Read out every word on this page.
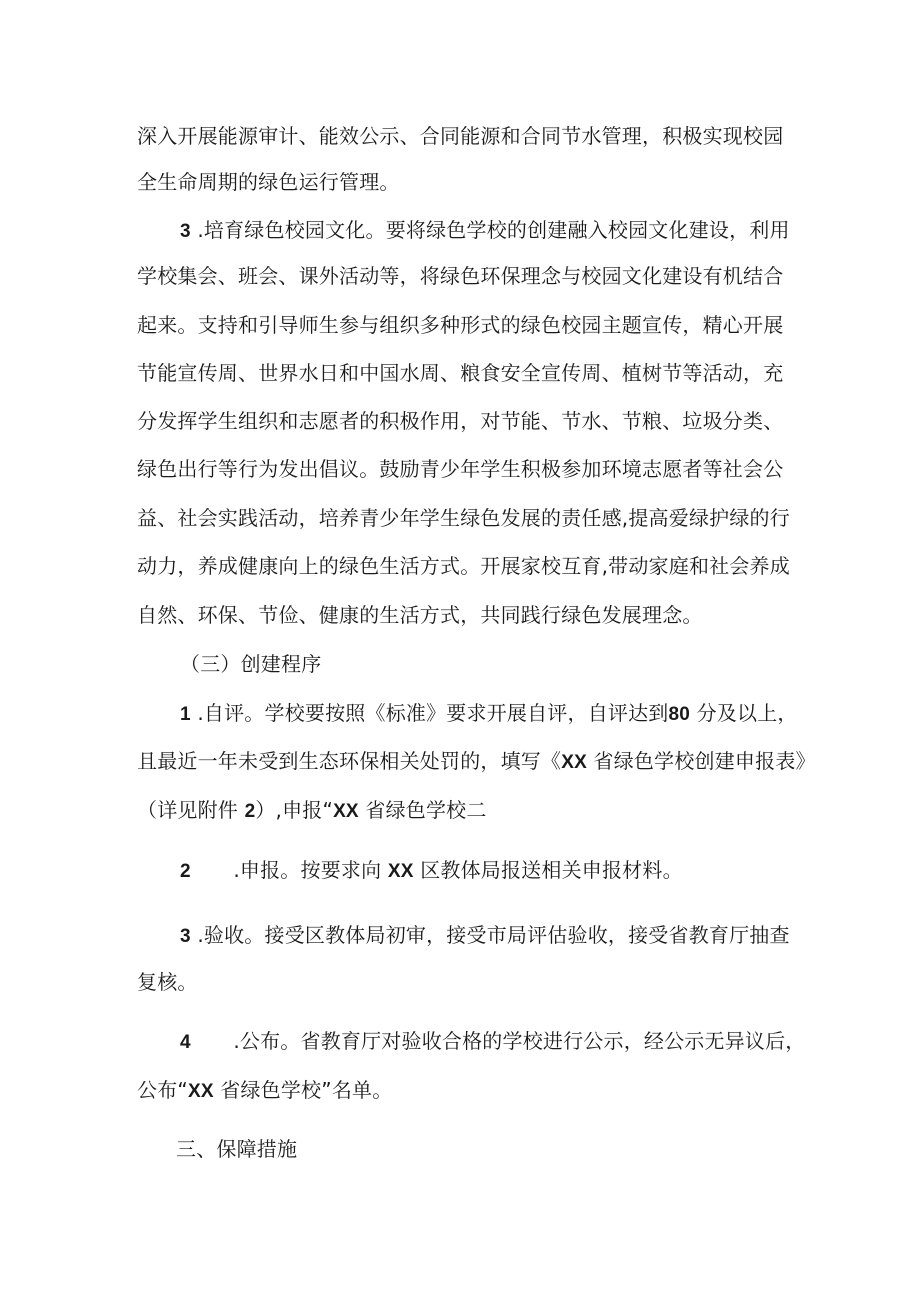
深入开展能源审计、能效公示、合同能源和合同节水管理，积极实现校园
全生命周期的绿色运行管理。
3 .培育绿色校园文化。要将绿色学校的创建融入校园文化建设，利用
学校集会、班会、课外活动等，将绿色环保理念与校园文化建设有机结合
起来。支持和引导师生参与组织多种形式的绿色校园主题宣传，精心开展
节能宣传周、世界水日和中国水周、粮食安全宣传周、植树节等活动，充
分发挥学生组织和志愿者的积极作用，对节能、节水、节粮、垃圾分类、
绿色出行等行为发出倡议。鼓励青少年学生积极参加环境志愿者等社会公
益、社会实践活动，培养青少年学生绿色发展的责任感,提高爱绿护绿的行
动力，养成健康向上的绿色生活方式。开展家校互育,带动家庭和社会养成
自然、环保、节俭、健康的生活方式，共同践行绿色发展理念。
（三）创建程序
1 .自评。学校要按照《标准》要求开展自评，自评达到80 分及以上，
且最近一年未受到生态环保相关处罚的，填写《XX 省绿色学校创建申报表》
（详见附件 2）,申报“XX 省绿色学校二
2 .申报。按要求向 XX 区教体局报送相关申报材料。
3 .验收。接受区教体局初审，接受市局评估验收，接受省教育厅抽查
复核。
4 .公布。省教育厅对验收合格的学校进行公示，经公示无异议后，
公布“XX 省绿色学校”名单。
三、保障措施
